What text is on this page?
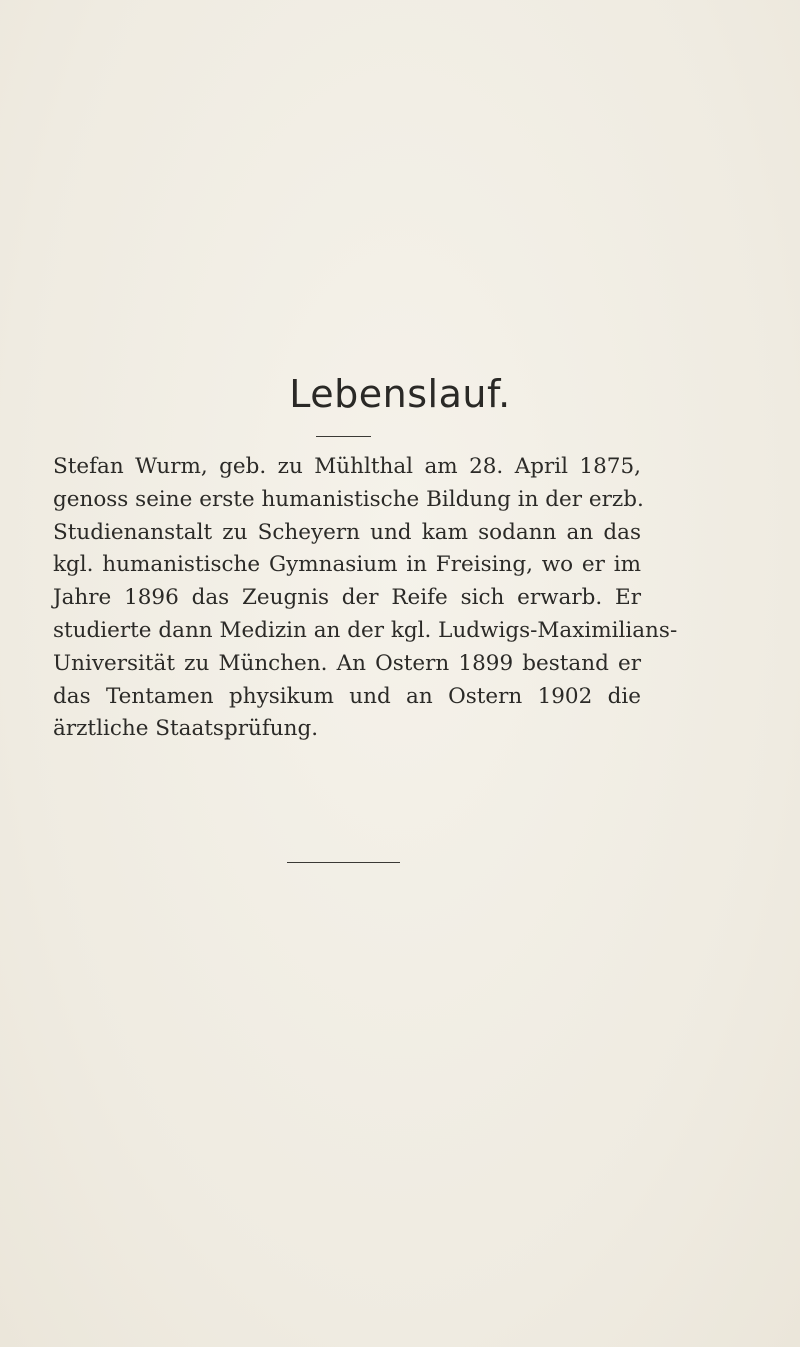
Lebenslauf.

Stefan Wurm, geb. zu Mühlthal am 28. April 1875,
genoss seine erste humanistische Bildung in der erzb.
Studienanstalt zu Scheyern und kam sodann an das
kgl. humanistische Gymnasium in Freising, wo er im
Jahre 1896 das Zeugnis der Reife sich erwarb. Er
studierte dann Medizin an der kgl. Ludwigs-Maximilians-
Universität zu München. An Ostern 1899 bestand er
das Tentamen physikum und an Ostern 1902 die
ärztliche Staatsprüfung.
